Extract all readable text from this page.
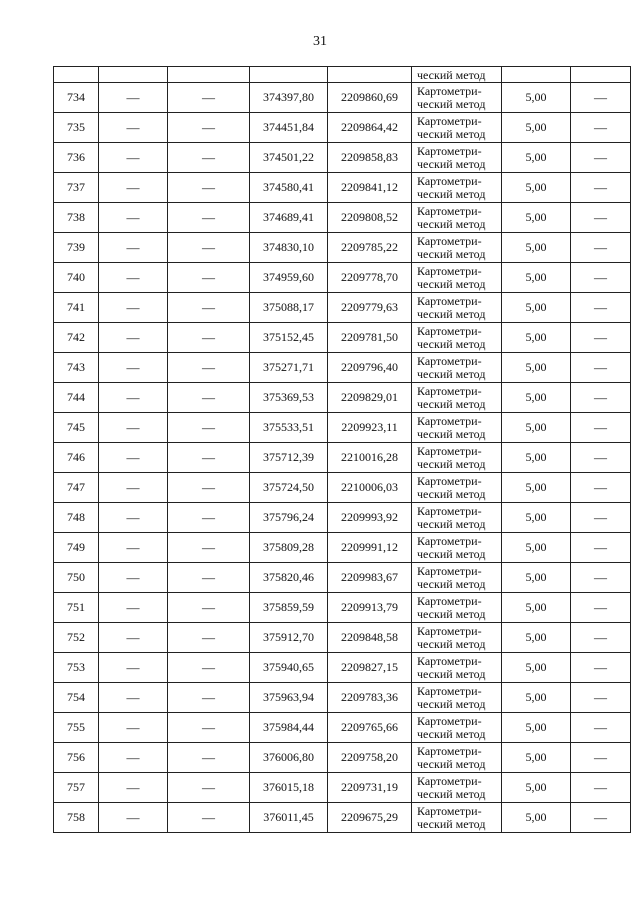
31
					ческий метод		
734	—	—	374397,80	2209860,69	Картометри-
ческий метод	5,00	—
735	—	—	374451,84	2209864,42	Картометри-
ческий метод	5,00	—
736	—	—	374501,22	2209858,83	Картометри-
ческий метод	5,00	—
737	—	—	374580,41	2209841,12	Картометри-
ческий метод	5,00	—
738	—	—	374689,41	2209808,52	Картометри-
ческий метод	5,00	—
739	—	—	374830,10	2209785,22	Картометри-
ческий метод	5,00	—
740	—	—	374959,60	2209778,70	Картометри-
ческий метод	5,00	—
741	—	—	375088,17	2209779,63	Картометри-
ческий метод	5,00	—
742	—	—	375152,45	2209781,50	Картометри-
ческий метод	5,00	—
743	—	—	375271,71	2209796,40	Картометри-
ческий метод	5,00	—
744	—	—	375369,53	2209829,01	Картометри-
ческий метод	5,00	—
745	—	—	375533,51	2209923,11	Картометри-
ческий метод	5,00	—
746	—	—	375712,39	2210016,28	Картометри-
ческий метод	5,00	—
747	—	—	375724,50	2210006,03	Картометри-
ческий метод	5,00	—
748	—	—	375796,24	2209993,92	Картометри-
ческий метод	5,00	—
749	—	—	375809,28	2209991,12	Картометри-
ческий метод	5,00	—
750	—	—	375820,46	2209983,67	Картометри-
ческий метод	5,00	—
751	—	—	375859,59	2209913,79	Картометри-
ческий метод	5,00	—
752	—	—	375912,70	2209848,58	Картометри-
ческий метод	5,00	—
753	—	—	375940,65	2209827,15	Картометри-
ческий метод	5,00	—
754	—	—	375963,94	2209783,36	Картометри-
ческий метод	5,00	—
755	—	—	375984,44	2209765,66	Картометри-
ческий метод	5,00	—
756	—	—	376006,80	2209758,20	Картометри-
ческий метод	5,00	—
757	—	—	376015,18	2209731,19	Картометри-
ческий метод	5,00	—
758	—	—	376011,45	2209675,29	Картометри-
ческий метод	5,00	—
